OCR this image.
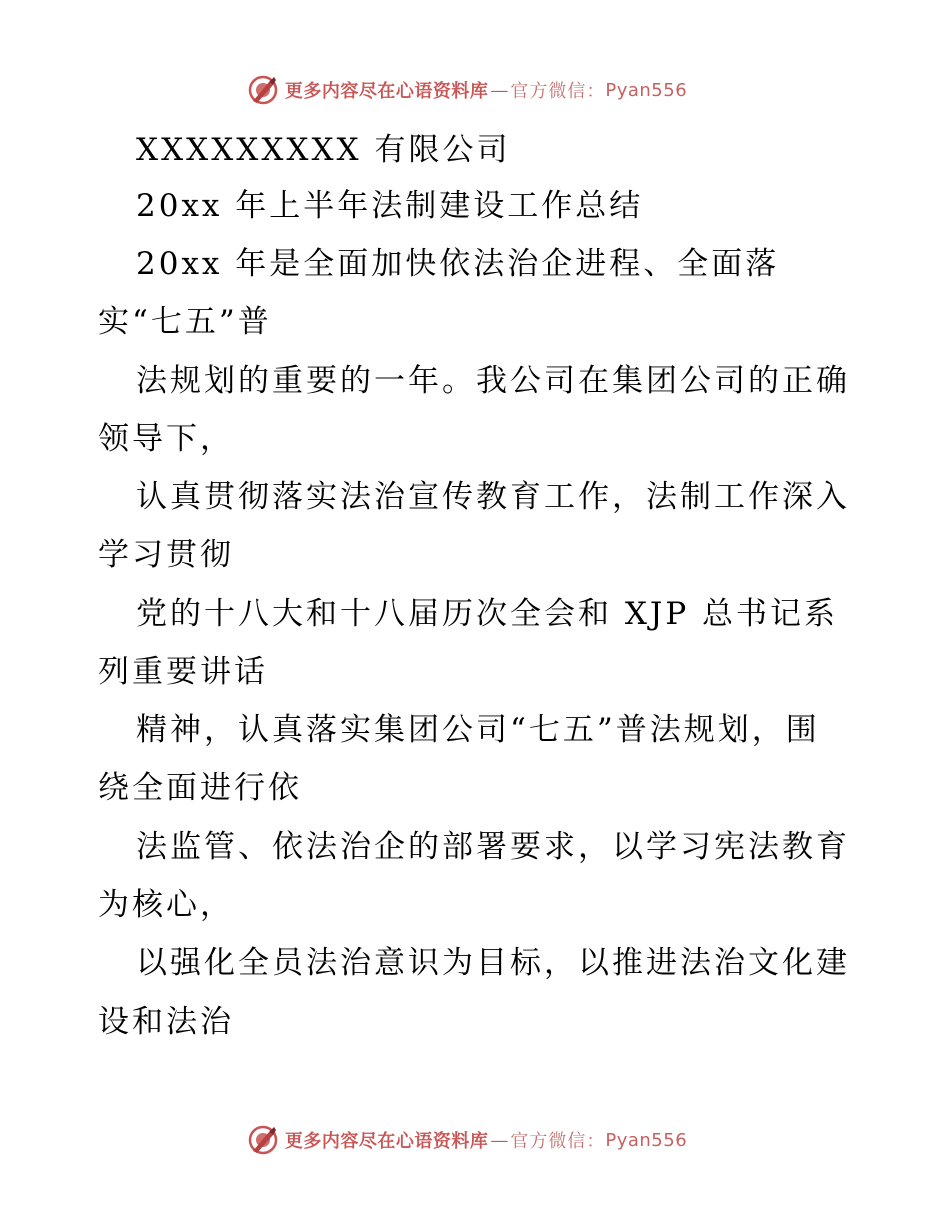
更多内容尽在心语资料库 — 官方微信： Pyan556
XXXXXXXXX 有限公司
20xx 年上半年法制建设工作总结
20xx 年是全面加快依法治企进程、全面落
实“七五”普
法规划的重要的一年。我公司在集团公司的正确
领导下，
认真贯彻落实法治宣传教育工作，法制工作深入
学习贯彻
党的十八大和十八届历次全会和 XJP 总书记系
列重要讲话
精神，认真落实集团公司“七五”普法规划，围
绕全面进行依
法监管、依法治企的部署要求，以学习宪法教育
为核心，
以强化全员法治意识为目标，以推进法治文化建
设和法治
更多内容尽在心语资料库 — 官方微信： Pyan556
